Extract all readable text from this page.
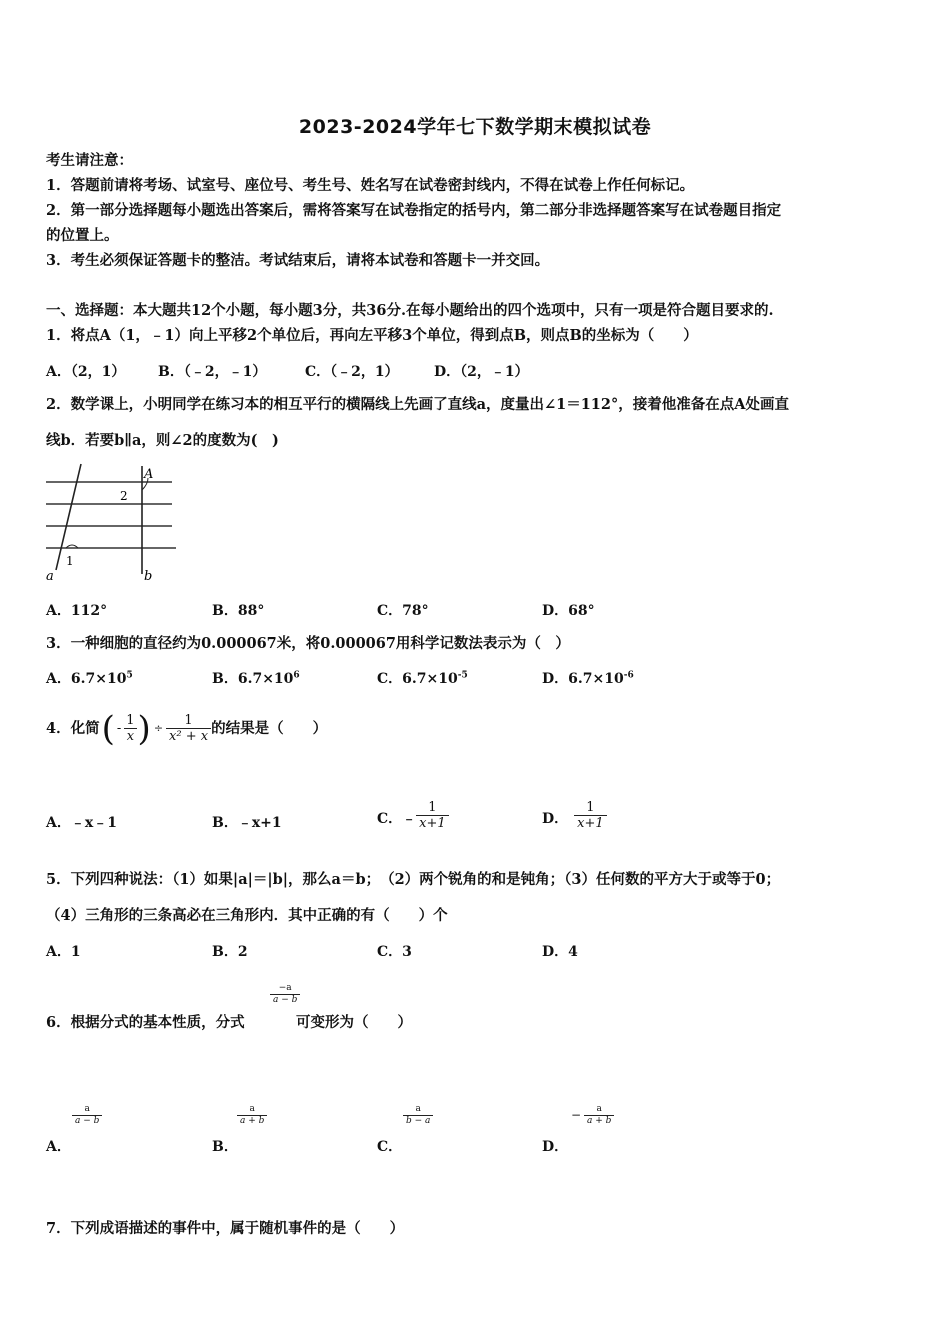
2023-2024学年七下数学期末模拟试卷
考生请注意：
1．答题前请将考场、试室号、座位号、考生号、姓名写在试卷密封线内，不得在试卷上作任何标记。
2．第一部分选择题每小题选出答案后，需将答案写在试卷指定的括号内，第二部分非选择题答案写在试卷题目指定
的位置上。
3．考生必须保证答题卡的整洁。考试结束后，请将本试卷和答题卡一并交回。
一、选择题：本大题共12个小题，每小题3分，共36分.在每小题给出的四个选项中，只有一项是符合题目要求的.
1．将点A（1，﹣1）向上平移2个单位后，再向左平移3个单位，得到点B，则点B的坐标为（　　）
A．（2，1） B．（﹣2，﹣1）	C．（﹣2，1）	D．（2，﹣1）
2．数学课上，小明同学在练习本的相互平行的横隔线上先画了直线a，度量出∠1＝112°，接着他准备在点A处画直
线b．若要b∥a，则∠2的度数为(　)
a	b
A
1
2
A．112°	B．88°	C．78°	D．68°
3．一种细胞的直径约为0.000067米，将0.000067用科学记数法表示为（　）
A．$6.7\times 10^5$	B．$6.7\times 10^6$	C．$6.7\times 10^{-5}$	D．$6.7\times 10^{-6}$
4．化简 ( - $\frac{1}{x}$ ) ÷ $\frac{1}{\text{x² + x}}$ 的结果是（　　）
A．﹣x﹣1	B．﹣x+1	C．﹣ $\frac{1}{x+1}$	D． $\frac{1}{x+1}$
5．下列四种说法：（1）如果|a|＝|b|，那么a＝b；　（2）两个锐角的和是钝角；（3）任何数的平方大于或等于0；
（4）三角形的三条高必在三角形内．其中正确的有（　　）个
A．1	B．2	C．3	D．4
6．根据分式的基本性质，分式
$\frac{-a}{a - b}$
可变形为（　　）
A．
$\frac{a}{a - b}$
B．
$\frac{a}{a + b}$
C．
$\frac{a}{b - a}$
D．
− $\frac{a}{a + b}$
7．下列成语描述的事件中，属于随机事件的是（　　）
